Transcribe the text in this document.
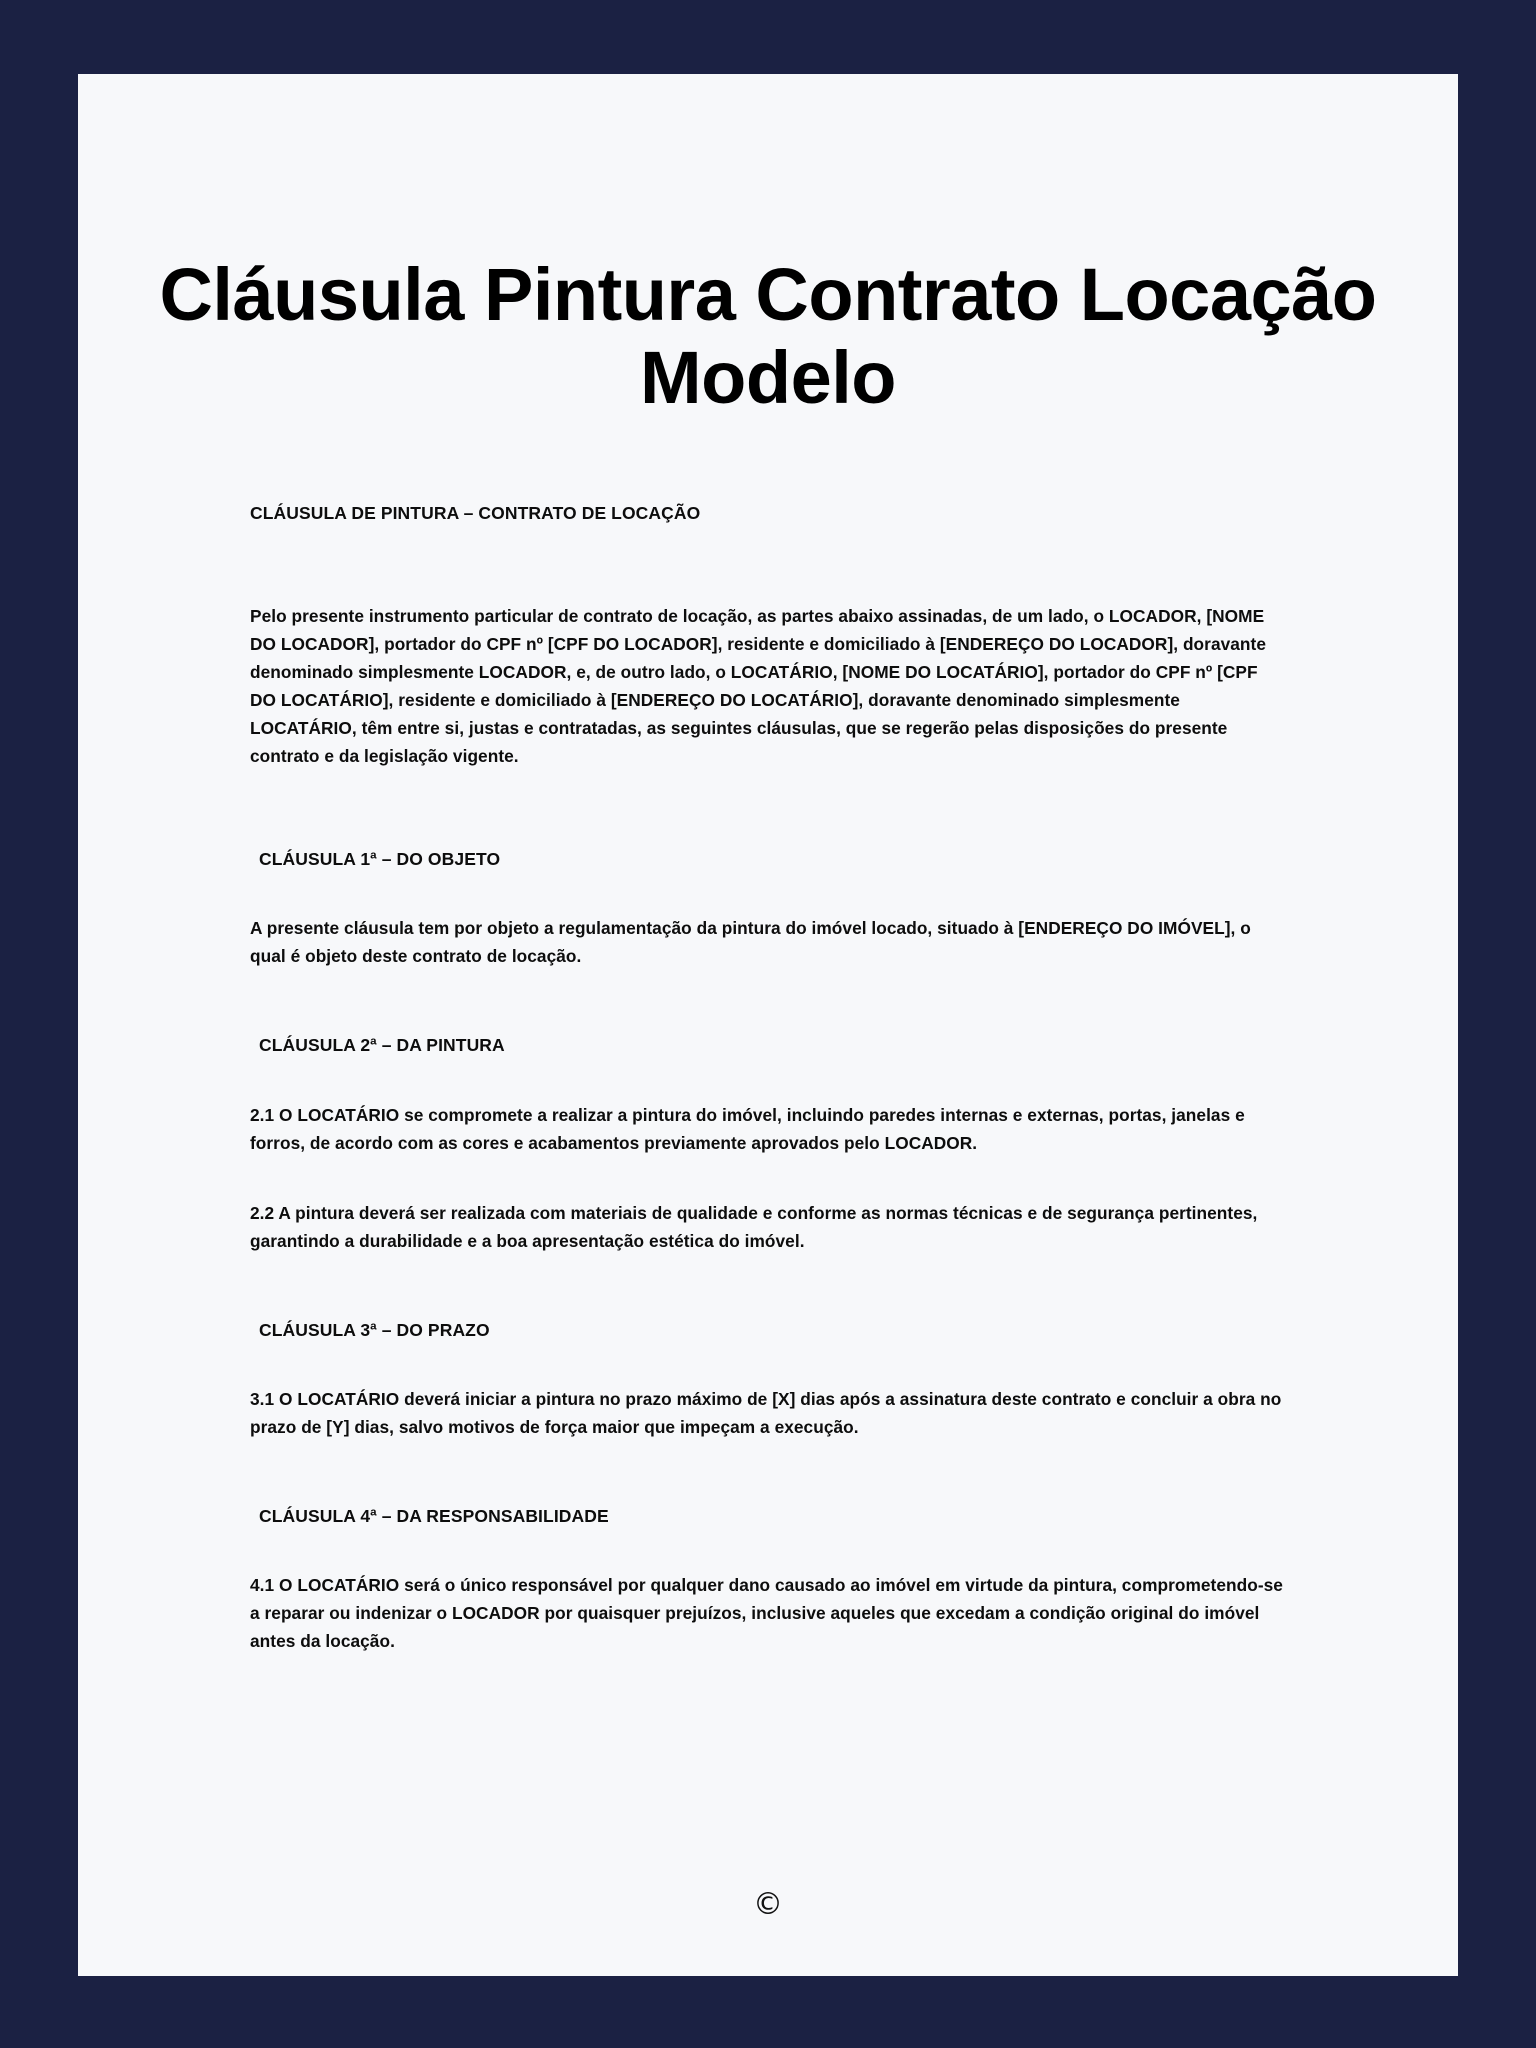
Cláusula Pintura Contrato Locação Modelo

CLÁUSULA DE PINTURA – CONTRATO DE LOCAÇÃO

Pelo presente instrumento particular de contrato de locação, as partes abaixo assinadas, de um lado, o LOCADOR, [NOME DO LOCADOR], portador do CPF nº [CPF DO LOCADOR], residente e domiciliado à [ENDEREÇO DO LOCADOR], doravante denominado simplesmente LOCADOR, e, de outro lado, o LOCATÁRIO, [NOME DO LOCATÁRIO], portador do CPF nº [CPF DO LOCATÁRIO], residente e domiciliado à [ENDEREÇO DO LOCATÁRIO], doravante denominado simplesmente LOCATÁRIO, têm entre si, justas e contratadas, as seguintes cláusulas, que se regerão pelas disposições do presente contrato e da legislação vigente.

CLÁUSULA 1ª – DO OBJETO

A presente cláusula tem por objeto a regulamentação da pintura do imóvel locado, situado à [ENDEREÇO DO IMÓVEL], o qual é objeto deste contrato de locação.

CLÁUSULA 2ª – DA PINTURA

2.1 O LOCATÁRIO se compromete a realizar a pintura do imóvel, incluindo paredes internas e externas, portas, janelas e forros, de acordo com as cores e acabamentos previamente aprovados pelo LOCADOR.

2.2 A pintura deverá ser realizada com materiais de qualidade e conforme as normas técnicas e de segurança pertinentes, garantindo a durabilidade e a boa apresentação estética do imóvel.

CLÁUSULA 3ª – DO PRAZO

3.1 O LOCATÁRIO deverá iniciar a pintura no prazo máximo de [X] dias após a assinatura deste contrato e concluir a obra no prazo de [Y] dias, salvo motivos de força maior que impeçam a execução.

CLÁUSULA 4ª – DA RESPONSABILIDADE

4.1 O LOCATÁRIO será o único responsável por qualquer dano causado ao imóvel em virtude da pintura, comprometendo-se a reparar ou indenizar o LOCADOR por quaisquer prejuízos, inclusive aqueles que excedam a condição original do imóvel antes da locação.

©
